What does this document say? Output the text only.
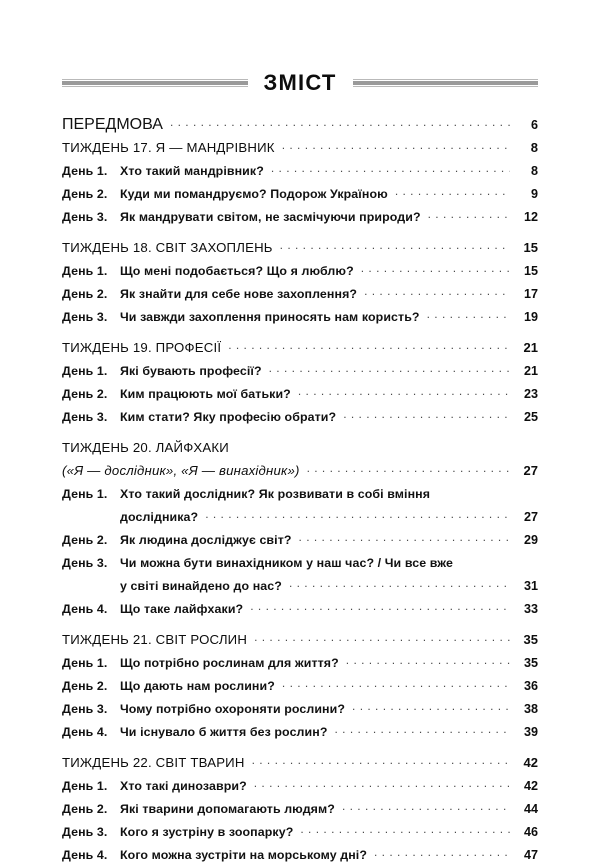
ЗМІСТ
ПЕРЕДМОВА . . .	6
ТИЖДЕНЬ 17. Я — МАНДРІВНИК . . .	8
День 1.	Хто такий мандрівник? . . .	8
День 2.	Куди ми помандруємо? Подорож Україною . . .	9
День 3.	Як мандрувати світом, не засмічуючи природи? . . .	12
ТИЖДЕНЬ 18. СВІТ ЗАХОПЛЕНЬ . . .	15
День 1.	Що мені подобається? Що я люблю? . . .	15
День 2.	Як знайти для себе нове захоплення? . . .	17
День 3.	Чи завжди захоплення приносять нам користь? . . .	19
ТИЖДЕНЬ 19. ПРОФЕСІЇ . . .	21
День 1.	Які бувають професії? . . .	21
День 2.	Ким працюють мої батьки? . . .	23
День 3.	Ким стати? Яку професію обрати? . . .	25
ТИЖДЕНЬ 20. ЛАЙФХАКИ
(«Я — дослідник», «Я — винахідник») . . .	27
День 1.	Хто такий дослідник? Як розвивати в собі вміння
дослідника? . . .	27
День 2.	Як людина досліджує світ? . . .	29
День 3.	Чи можна бути винахідником у наш час? / Чи все вже
у світі винайдено до нас? . . .	31
День 4.	Що таке лайфхаки? . . .	33
ТИЖДЕНЬ 21. СВІТ РОСЛИН . . .	35
День 1.	Що потрібно рослинам для життя? . . .	35
День 2.	Що дають нам рослини? . . .	36
День 3.	Чому потрібно охороняти рослини? . . .	38
День 4.	Чи існувало б життя без рослин? . . .	39
ТИЖДЕНЬ 22. СВІТ ТВАРИН . . .	42
День 1.	Хто такі динозаври? . . .	42
День 2.	Які тварини допомагають людям? . . .	44
День 3.	Кого я зустріну в зоопарку? . . .	46
День 4.	Кого можна зустріти на морському дні? . . .	47
